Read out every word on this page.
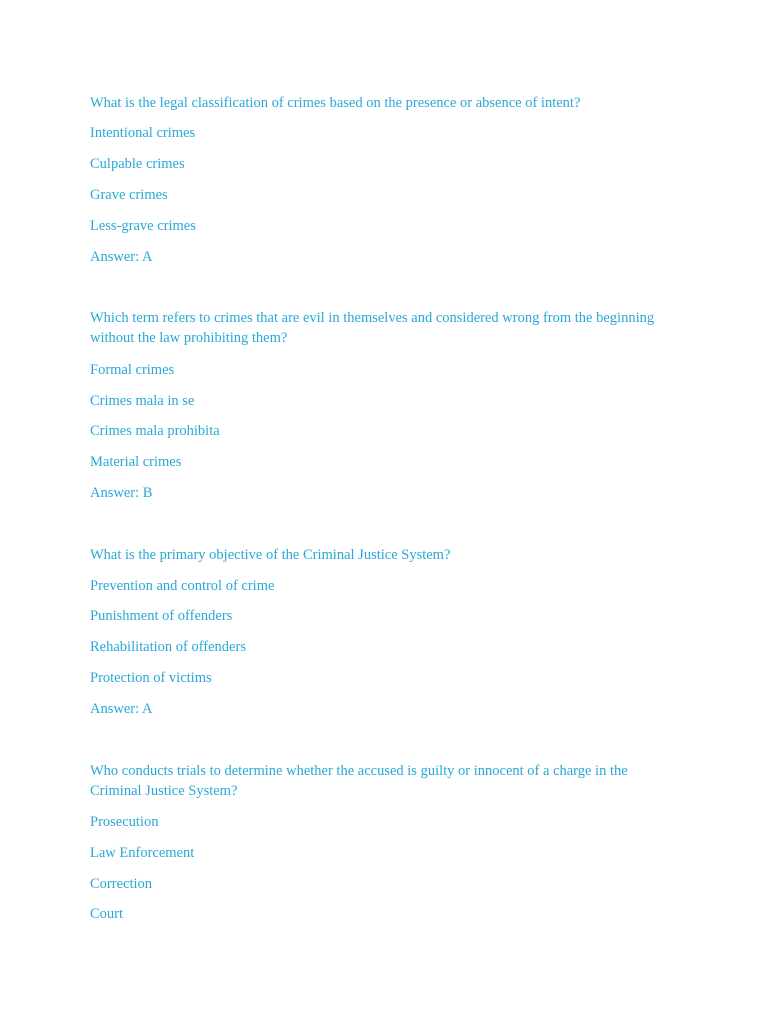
What is the legal classification of crimes based on the presence or absence of intent?
Intentional crimes
Culpable crimes
Grave crimes
Less-grave crimes
Answer: A
Which term refers to crimes that are evil in themselves and considered wrong from the beginning
without the law prohibiting them?
Formal crimes
Crimes mala in se
Crimes mala prohibita
Material crimes
Answer: B
What is the primary objective of the Criminal Justice System?
Prevention and control of crime
Punishment of offenders
Rehabilitation of offenders
Protection of victims
Answer: A
Who conducts trials to determine whether the accused is guilty or innocent of a charge in the
Criminal Justice System?
Prosecution
Law Enforcement
Correction
Court
